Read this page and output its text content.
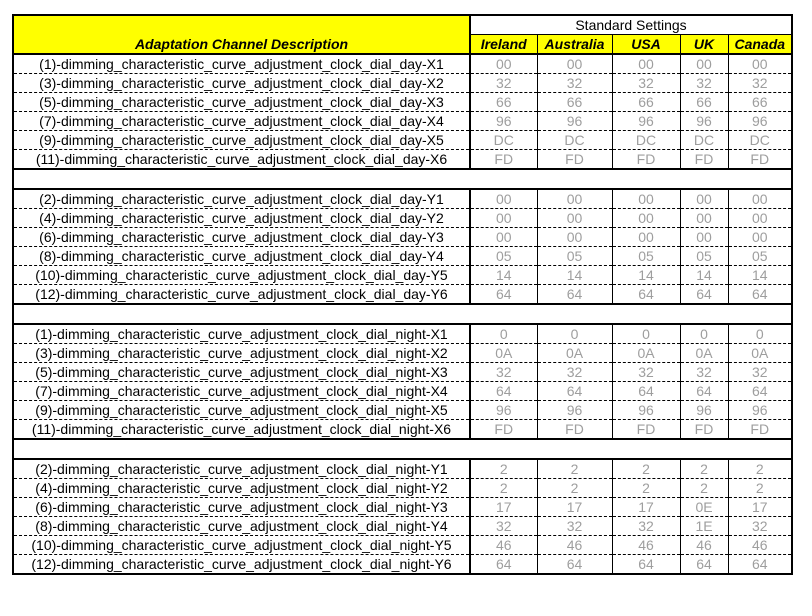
Adaptation Channel Description	Standard Settings				
	Ireland	Australia	USA	UK	Canada
(1)-dimming_characteristic_curve_adjustment_clock_dial_day-X1	00	00	00	00	00
(3)-dimming_characteristic_curve_adjustment_clock_dial_day-X2	32	32	32	32	32
(5)-dimming_characteristic_curve_adjustment_clock_dial_day-X3	66	66	66	66	66
(7)-dimming_characteristic_curve_adjustment_clock_dial_day-X4	96	96	96	96	96
(9)-dimming_characteristic_curve_adjustment_clock_dial_day-X5	DC	DC	DC	DC	DC
(11)-dimming_characteristic_curve_adjustment_clock_dial_day-X6	FD	FD	FD	FD	FD

(2)-dimming_characteristic_curve_adjustment_clock_dial_day-Y1	00	00	00	00	00
(4)-dimming_characteristic_curve_adjustment_clock_dial_day-Y2	00	00	00	00	00
(6)-dimming_characteristic_curve_adjustment_clock_dial_day-Y3	00	00	00	00	00
(8)-dimming_characteristic_curve_adjustment_clock_dial_day-Y4	05	05	05	05	05
(10)-dimming_characteristic_curve_adjustment_clock_dial_day-Y5	14	14	14	14	14
(12)-dimming_characteristic_curve_adjustment_clock_dial_day-Y6	64	64	64	64	64

(1)-dimming_characteristic_curve_adjustment_clock_dial_night-X1	0	0	0	0	0
(3)-dimming_characteristic_curve_adjustment_clock_dial_night-X2	0A	0A	0A	0A	0A
(5)-dimming_characteristic_curve_adjustment_clock_dial_night-X3	32	32	32	32	32
(7)-dimming_characteristic_curve_adjustment_clock_dial_night-X4	64	64	64	64	64
(9)-dimming_characteristic_curve_adjustment_clock_dial_night-X5	96	96	96	96	96
(11)-dimming_characteristic_curve_adjustment_clock_dial_night-X6	FD	FD	FD	FD	FD

(2)-dimming_characteristic_curve_adjustment_clock_dial_night-Y1	2	2	2	2	2
(4)-dimming_characteristic_curve_adjustment_clock_dial_night-Y2	2	2	2	2	2
(6)-dimming_characteristic_curve_adjustment_clock_dial_night-Y3	17	17	17	0E	17
(8)-dimming_characteristic_curve_adjustment_clock_dial_night-Y4	32	32	32	1E	32
(10)-dimming_characteristic_curve_adjustment_clock_dial_night-Y5	46	46	46	46	46
(12)-dimming_characteristic_curve_adjustment_clock_dial_night-Y6	64	64	64	64	64
